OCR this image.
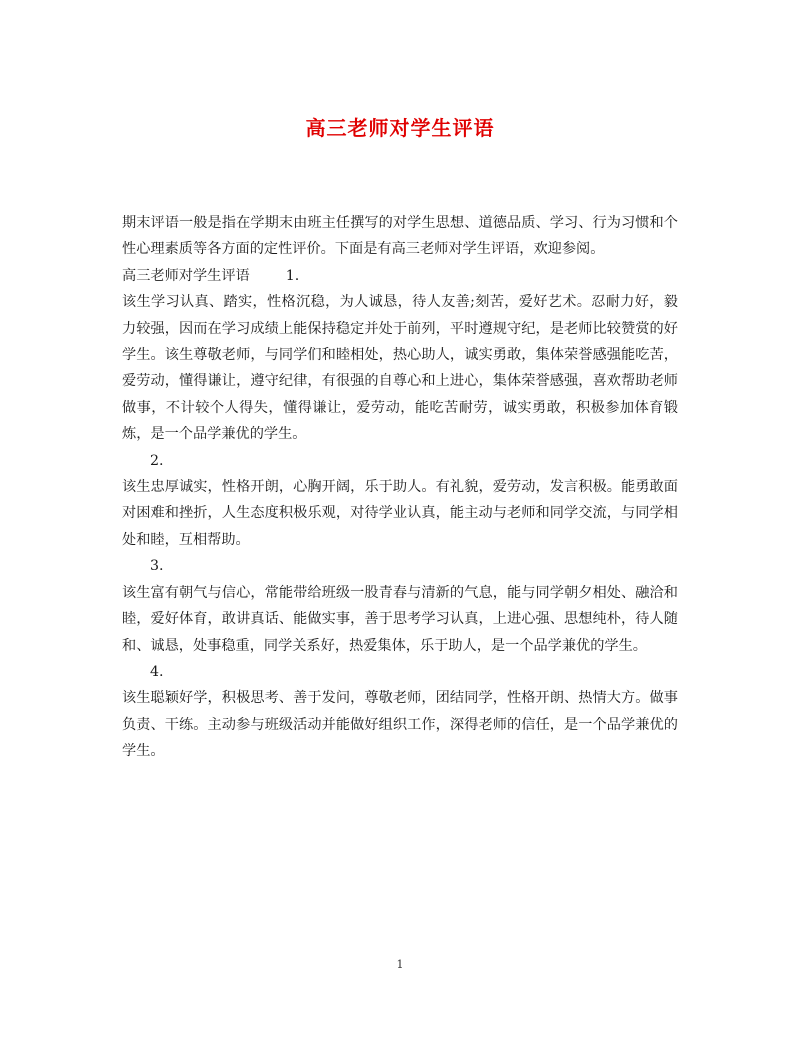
高三老师对学生评语

期末评语一般是指在学期末由班主任撰写的对学生思想、道德品质、学习、行为习惯和个性心理素质等各方面的定性评价。下面是有高三老师对学生评语，欢迎参阅。

高三老师对学生评语	1.

该生学习认真、踏实，性格沉稳，为人诚恳，待人友善;刻苦，爱好艺术。忍耐力好，毅力较强，因而在学习成绩上能保持稳定并处于前列，平时遵规守纪，是老师比较赞赏的好学生。该生尊敬老师，与同学们和睦相处，热心助人，诚实勇敢，集体荣誉感强能吃苦，爱劳动，懂得谦让，遵守纪律，有很强的自尊心和上进心，集体荣誉感强，喜欢帮助老师做事，不计较个人得失，懂得谦让，爱劳动，能吃苦耐劳，诚实勇敢，积极参加体育锻炼，是一个品学兼优的学生。

2.

该生忠厚诚实，性格开朗，心胸开阔，乐于助人。有礼貌，爱劳动，发言积极。能勇敢面对困难和挫折，人生态度积极乐观，对待学业认真，能主动与老师和同学交流，与同学相处和睦，互相帮助。

3.

该生富有朝气与信心，常能带给班级一股青春与清新的气息，能与同学朝夕相处、融洽和睦，爱好体育，敢讲真话、能做实事，善于思考学习认真，上进心强、思想纯朴，待人随和、诚恳，处事稳重，同学关系好，热爱集体，乐于助人，是一个品学兼优的学生。

4.

该生聪颖好学，积极思考、善于发问，尊敬老师，团结同学，性格开朗、热情大方。做事负责、干练。主动参与班级活动并能做好组织工作，深得老师的信任，是一个品学兼优的学生。

1
